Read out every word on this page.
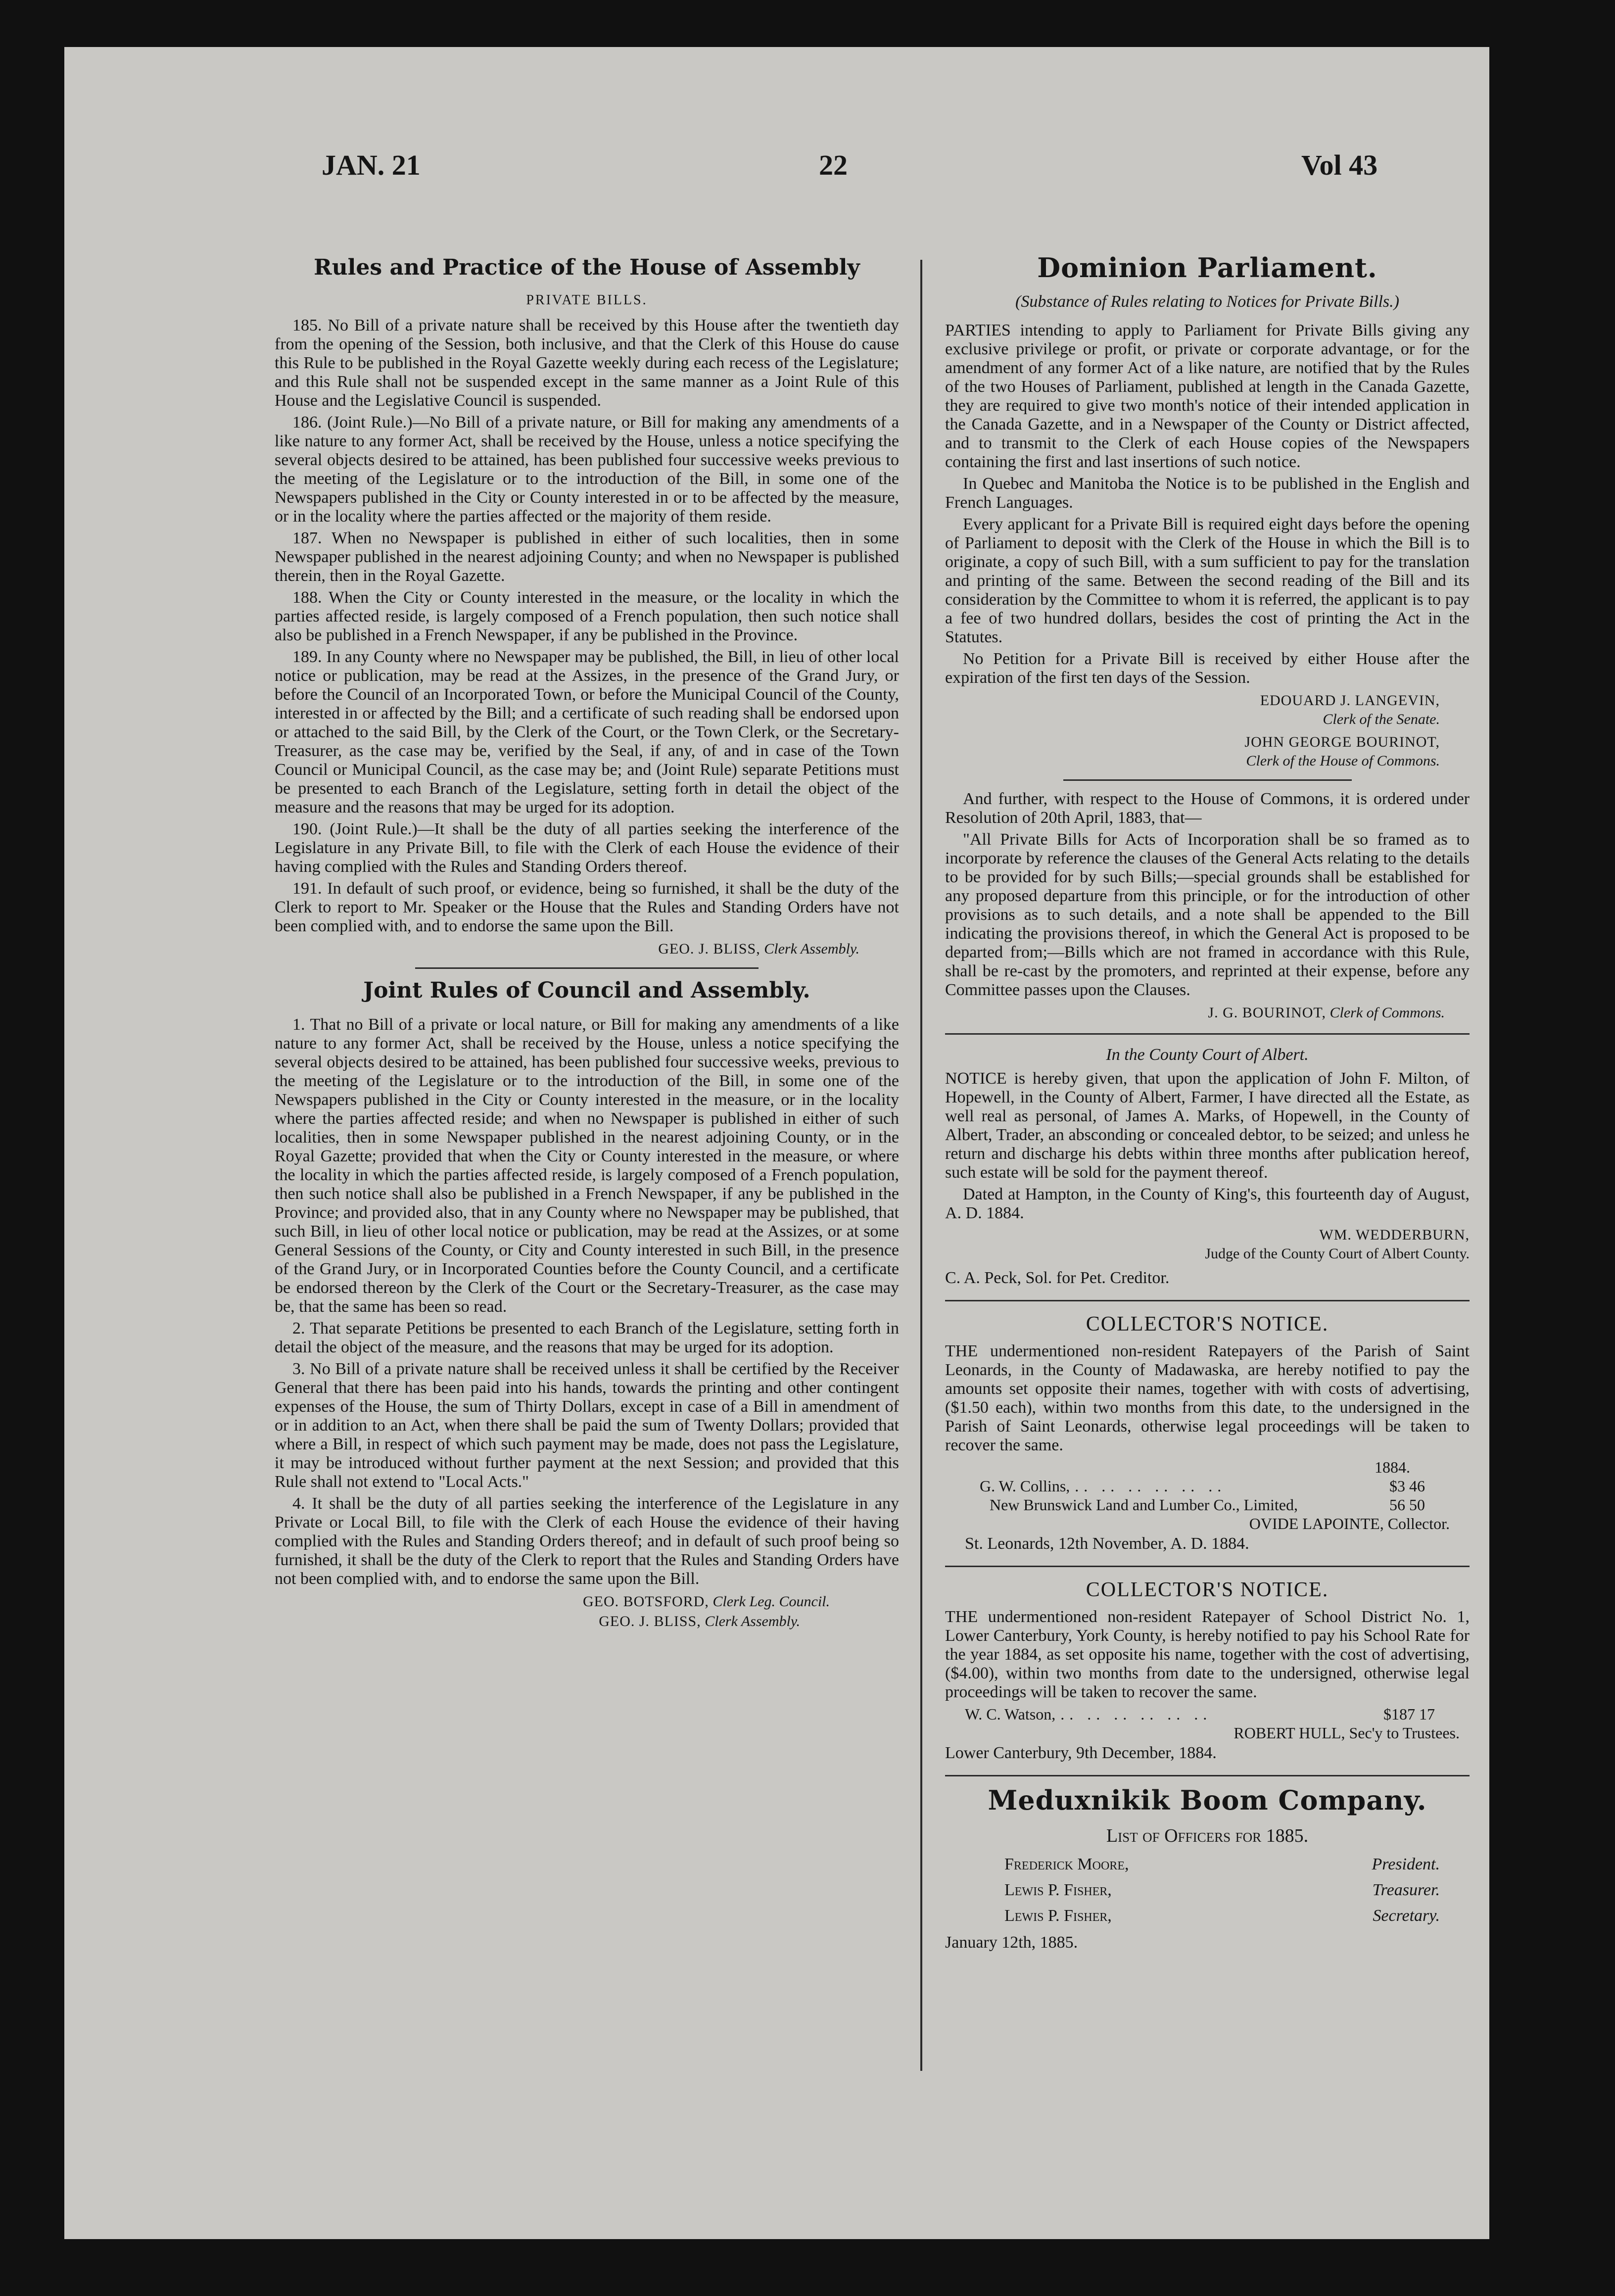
JAN. 21	22	Vol 43
Rules and Practice of the House of Assembly
PRIVATE BILLS.

185. No Bill of a private nature shall be received by this House after the twentieth day from the opening of the Session, both inclusive, and that the Clerk of this House do cause this Rule to be published in the Royal Gazette weekly during each recess of the Legislature; and this Rule shall not be suspended except in the same manner as a Joint Rule of this House and the Legislative Council is suspended.

186. (Joint Rule.)—No Bill of a private nature, or Bill for making any amendments of a like nature to any former Act, shall be received by the House, unless a notice specifying the several objects desired to be attained, has been published four successive weeks previous to the meeting of the Legislature or to the introduction of the Bill, in some one of the Newspapers published in the City or County interested in or to be affected by the measure, or in the locality where the parties affected or the majority of them reside.

187. When no Newspaper is published in either of such localities, then in some Newspaper published in the nearest adjoining County; and when no Newspaper is published therein, then in the Royal Gazette.

188. When the City or County interested in the measure, or the locality in which the parties affected reside, is largely composed of a French population, then such notice shall also be published in a French Newspaper, if any be published in the Province.

189. In any County where no Newspaper may be published, the Bill, in lieu of other local notice or publication, may be read at the Assizes, in the presence of the Grand Jury, or before the Council of an Incorporated Town, or before the Municipal Council of the County, interested in or affected by the Bill; and a certificate of such reading shall be endorsed upon or attached to the said Bill, by the Clerk of the Court, or the Town Clerk, or the Secretary-Treasurer, as the case may be, verified by the Seal, if any, of and in case of the Town Council or Municipal Council, as the case may be; and (Joint Rule) separate Petitions must be presented to each Branch of the Legislature, setting forth in detail the object of the measure and the reasons that may be urged for its adoption.

190. (Joint Rule.)—It shall be the duty of all parties seeking the interference of the Legislature in any Private Bill, to file with the Clerk of each House the evidence of their having complied with the Rules and Standing Orders thereof.

191. In default of such proof, or evidence, being so furnished, it shall be the duty of the Clerk to report to Mr. Speaker or the House that the Rules and Standing Orders have not been complied with, and to endorse the same upon the Bill.

GEO. J. BLISS, Clerk Assembly.
Joint Rules of Council and Assembly.

1. That no Bill of a private or local nature, or Bill for making any amendments of a like nature to any former Act, shall be received by the House, unless a notice specifying the several objects desired to be attained, has been published four successive weeks, previous to the meeting of the Legislature or to the introduction of the Bill, in some one of the Newspapers published in the City or County interested in the measure, or in the locality where the parties affected reside; and when no Newspaper is published in either of such localities, then in some Newspaper published in the nearest adjoining County, or in the Royal Gazette; provided that when the City or County interested in the measure, or where the locality in which the parties affected reside, is largely composed of a French population, then such notice shall also be published in a French Newspaper, if any be published in the Province; and provided also, that in any County where no Newspaper may be published, that such Bill, in lieu of other local notice or publication, may be read at the Assizes, or at some General Sessions of the County, or City and County interested in such Bill, in the presence of the Grand Jury, or in Incorporated Counties before the County Council, and a certificate be endorsed thereon by the Clerk of the Court or the Secretary-Treasurer, as the case may be, that the same has been so read.

2. That separate Petitions be presented to each Branch of the Legislature, setting forth in detail the object of the measure, and the reasons that may be urged for its adoption.

3. No Bill of a private nature shall be received unless it shall be certified by the Receiver General that there has been paid into his hands, towards the printing and other contingent expenses of the House, the sum of Thirty Dollars, except in case of a Bill in amendment of or in addition to an Act, when there shall be paid the sum of Twenty Dollars; provided that where a Bill, in respect of which such payment may be made, does not pass the Legislature, it may be introduced without further payment at the next Session; and provided that this Rule shall not extend to "Local Acts."

4. It shall be the duty of all parties seeking the interference of the Legislature in any Private or Local Bill, to file with the Clerk of each House the evidence of their having complied with the Rules and Standing Orders thereof; and in default of such proof being so furnished, it shall be the duty of the Clerk to report that the Rules and Standing Orders have not been complied with, and to endorse the same upon the Bill.

GEO. BOTSFORD, Clerk Leg. Council.
GEO. J. BLISS, Clerk Assembly.
Dominion Parliament.
(Substance of Rules relating to Notices for Private Bills.)

PARTIES intending to apply to Parliament for Private Bills giving any exclusive privilege or profit, or private or corporate advantage, or for the amendment of any former Act of a like nature, are notified that by the Rules of the two Houses of Parliament, published at length in the Canada Gazette, they are required to give two month's notice of their intended application in the Canada Gazette, and in a Newspaper of the County or District affected, and to transmit to the Clerk of each House copies of the Newspapers containing the first and last insertions of such notice.

In Quebec and Manitoba the Notice is to be published in the English and French Languages.

Every applicant for a Private Bill is required eight days before the opening of Parliament to deposit with the Clerk of the House in which the Bill is to originate, a copy of such Bill, with a sum sufficient to pay for the translation and printing of the same. Between the second reading of the Bill and its consideration by the Committee to whom it is referred, the applicant is to pay a fee of two hundred dollars, besides the cost of printing the Act in the Statutes.

No Petition for a Private Bill is received by either House after the expiration of the first ten days of the Session.

EDOUARD J. LANGEVIN,
Clerk of the Senate.
JOHN GEORGE BOURINOT,
Clerk of the House of Commons.

And further, with respect to the House of Commons, it is ordered under Resolution of 20th April, 1883, that—

"All Private Bills for Acts of Incorporation shall be so framed as to incorporate by reference the clauses of the General Acts relating to the details to be provided for by such Bills;—special grounds shall be established for any proposed departure from this principle, or for the introduction of other provisions as to such details, and a note shall be appended to the Bill indicating the provisions thereof, in which the General Act is proposed to be departed from;—Bills which are not framed in accordance with this Rule, shall be re-cast by the promoters, and reprinted at their expense, before any Committee passes upon the Clauses.

J. G. BOURINOT, Clerk of Commons.
In the County Court of Albert.

NOTICE is hereby given, that upon the application of John F. Milton, of Hopewell, in the County of Albert, Farmer, I have directed all the Estate, as well real as personal, of James A. Marks, of Hopewell, in the County of Albert, Trader, an absconding or concealed debtor, to be seized; and unless he return and discharge his debts within three months after publication hereof, such estate will be sold for the payment thereof.

Dated at Hampton, in the County of King's, this fourteenth day of August, A. D. 1884.

WM. WEDDERBURN,
Judge of the County Court of Albert County.
C. A. Peck, Sol. for Pet. Creditor.
COLLECTOR'S NOTICE.

THE undermentioned non-resident Ratepayers of the Parish of Saint Leonards, in the County of Madawaska, are hereby notified to pay the amounts set opposite their names, together with with costs of advertising, ($1.50 each), within two months from this date, to the undersigned in the Parish of Saint Leonards, otherwise legal proceedings will be taken to recover the same.

1884.
G. W. Collins, .. .. .. .. .. ..	$3 46
New Brunswick Land and Lumber Co., Limited,	56 50
OVIDE LAPOINTE, Collector.
St. Leonards, 12th November, A. D. 1884.
COLLECTOR'S NOTICE.

THE undermentioned non-resident Ratepayer of School District No. 1, Lower Canterbury, York County, is hereby notified to pay his School Rate for the year 1884, as set opposite his name, together with the cost of advertising, ($4.00), within two months from date to the undersigned, otherwise legal proceedings will be taken to recover the same.

W. C. Watson, .. .. .. .. .. ..	$187 17
ROBERT HULL, Sec'y to Trustees.
Lower Canterbury, 9th December, 1884.
Meduxnikik Boom Company.
List of Officers for 1885.
Frederick Moore,	President.
Lewis P. Fisher,	Treasurer.
Lewis P. Fisher,	Secretary.
January 12th, 1885.
